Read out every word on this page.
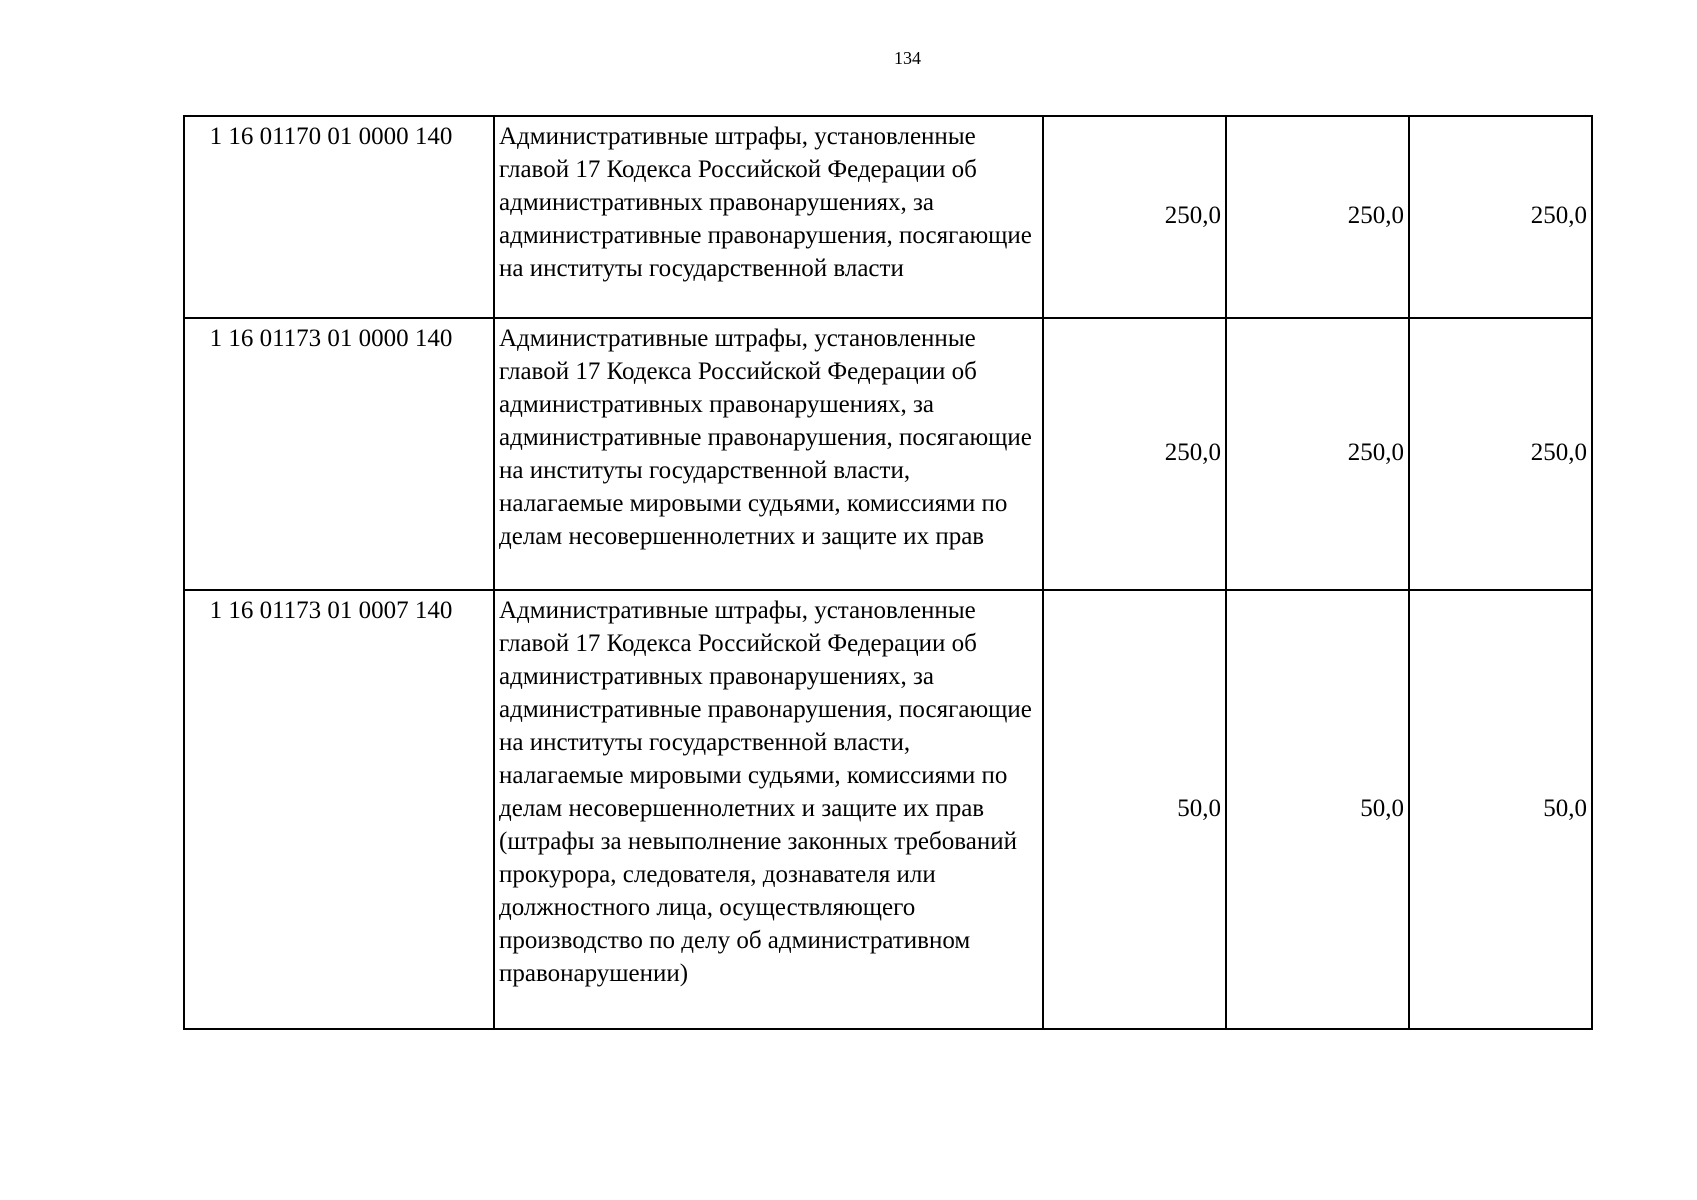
134
1 16 01170 01 0000 140	Административные штрафы, установленные главой 17 Кодекса Российской Федерации об административных правонарушениях, за административные правонарушения, посягающие на институты государственной власти	250,0	250,0	250,0
1 16 01173 01 0000 140	Административные штрафы, установленные главой 17 Кодекса Российской Федерации об административных правонарушениях, за административные правонарушения, посягающие на институты государственной власти, налагаемые мировыми судьями, комиссиями по делам несовершеннолетних и защите их прав	250,0	250,0	250,0
1 16 01173 01 0007 140	Административные штрафы, установленные главой 17 Кодекса Российской Федерации об административных правонарушениях, за административные правонарушения, посягающие на институты государственной власти, налагаемые мировыми судьями, комиссиями по делам несовершеннолетних и защите их прав (штрафы за невыполнение законных требований прокурора, следователя, дознавателя или должностного лица, осуществляющего производство по делу об административном правонарушении)	50,0	50,0	50,0
